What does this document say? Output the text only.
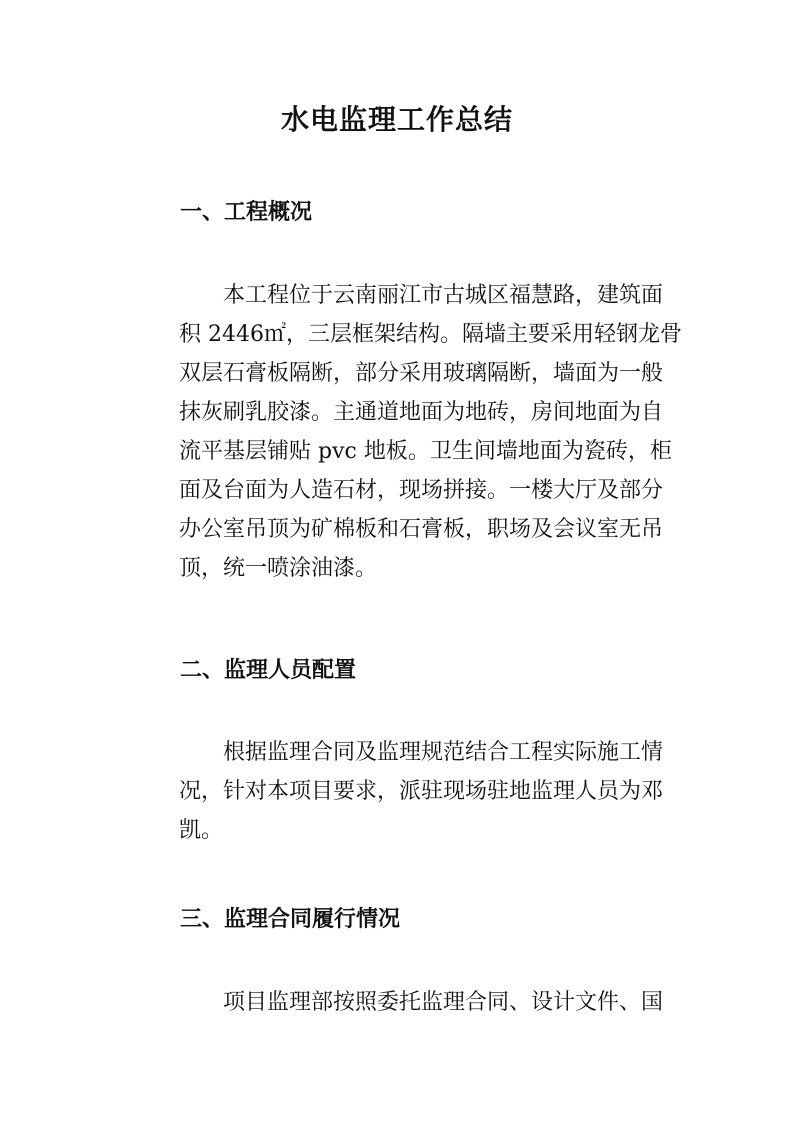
水电监理工作总结
一、工程概况
本工程位于云南丽江市古城区福慧路，建筑面
积 2446㎡，三层框架结构。隔墙主要采用轻钢龙骨
双层石膏板隔断，部分采用玻璃隔断，墙面为一般
抹灰刷乳胶漆。主通道地面为地砖，房间地面为自
流平基层铺贴 pvc 地板。卫生间墙地面为瓷砖，柜
面及台面为人造石材，现场拼接。一楼大厅及部分
办公室吊顶为矿棉板和石膏板，职场及会议室无吊
顶，统一喷涂油漆。
二、监理人员配置
根据监理合同及监理规范结合工程实际施工情
况，针对本项目要求，派驻现场驻地监理人员为邓
凯。
三、监理合同履行情况
项目监理部按照委托监理合同、设计文件、国
